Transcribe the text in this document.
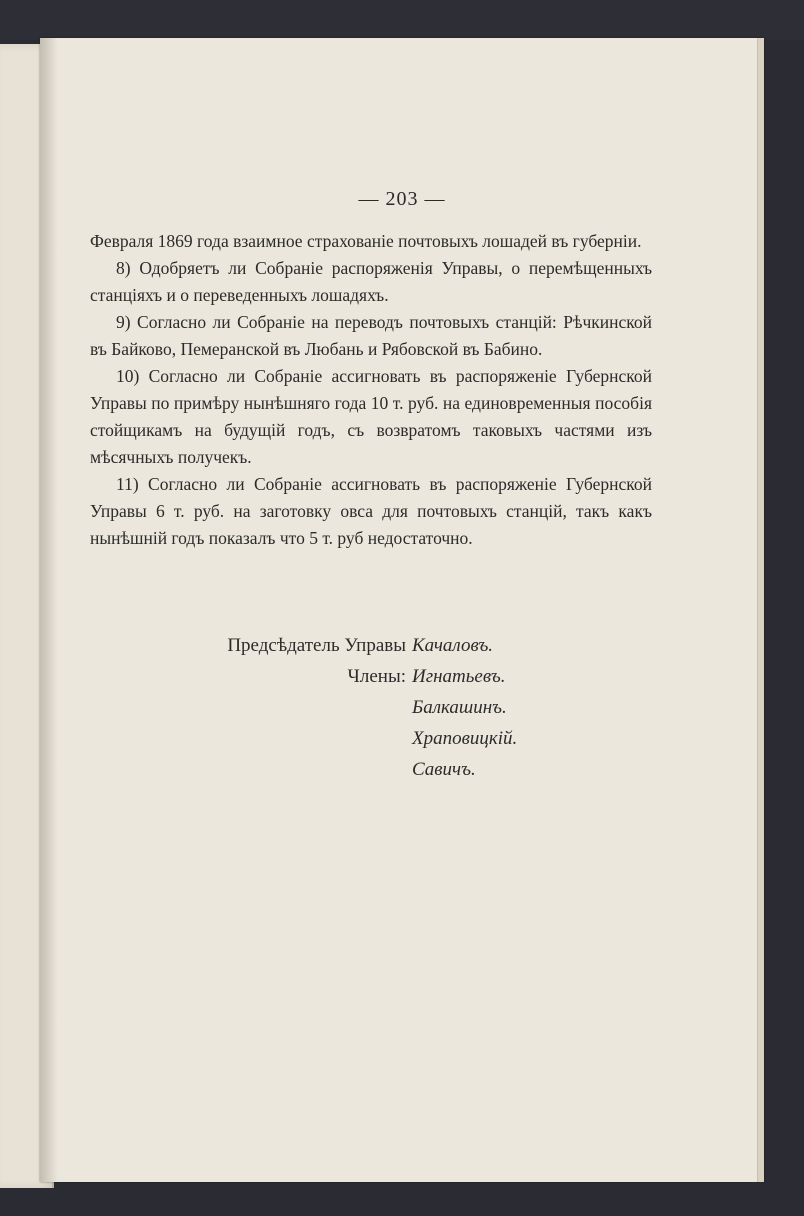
— 203 —

Февраля 1869 года взаимное страхованіе почтовыхъ лошадей въ губерніи.

8) Одобряетъ ли Собраніе распоряженія Управы, о перемѣщенныхъ станціяхъ и о переведенныхъ лошадяхъ.

9) Согласно ли Собраніе на переводъ почтовыхъ станцій: Рѣчкинской въ Байково, Пемеранской въ Любань и Рябовской въ Бабино.

10) Согласно ли Собраніе ассигновать въ распоряженіе Губернской Управы по примѣру нынѣшняго года 10 т. руб. на единовременныя пособія стойщикамъ на будущій годъ, съ возвратомъ таковыхъ частями изъ мѣсячныхъ получекъ.

11) Согласно ли Собраніе ассигновать въ распоряженіе Губернской Управы 6 т. руб. на заготовку овса для почтовыхъ станцій, такъ какъ нынѣшній годъ показалъ что 5 т. руб недостаточно.

Предсѣдатель Управы Качаловъ.
Члены: Игнатьевъ.
Балкашинъ.
Храповицкій.
Савичъ.
